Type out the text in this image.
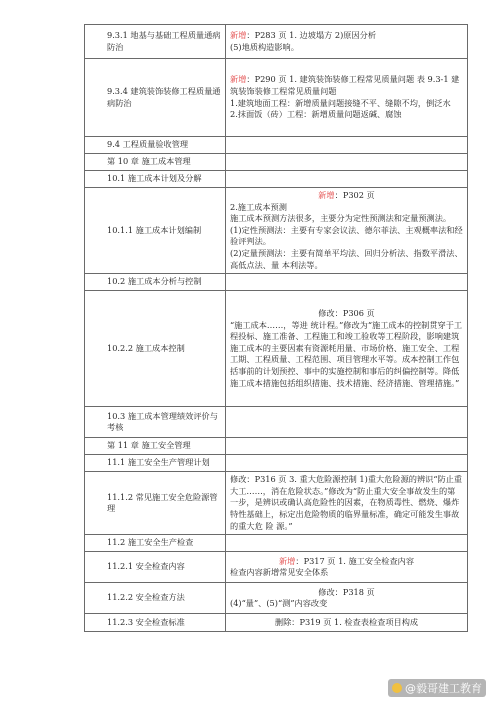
9.3.1 地基与基础工程质量通病防治	新增：P283 页 1. 边坡塌方 2)原因分析
(5)地质构造影响。

9.3.4 建筑装饰装修工程质量通病防治	新增：P290 页 1. 建筑装饰装修工程常见质量问题 表 9.3-1 建筑装饰装修工程常见质量问题
1.建筑地面工程：新增质量问题接缝不平、缝隙不均，倒泛水
2.抹面饭（砖）工程：新增质量问题返碱、腐蚀

9.4 工程质量验收管理	
第 10 章 施工成本管理	
10.1 施工成本计划及分解	
10.1.1 施工成本计划编制	新增：P302 页
2.施工成本预测
施工成本预测方法很多，主要分为定性预测法和定量预测法。
(1)定性预测法：主要有专家会议法、德尔菲法、主观概率法和经验评判法。
(2)定量预测法：主要有简单平均法、回归分析法、指数平滑法、高低点法、量 本利法等。

10.2 施工成本分析与控制	
10.2.2 施工成本控制	修改：P306 页
“施工成本……，等进 统计程。”修改为“施工成本的控制贯穿于工程投标、施工准备、工程施工和竣工验收等工程阶段，影响建筑施工成本的主要因素有资源耗用量、市场价格、施工安全、工程工期、工程质量、工程范围、项目管理水平等。成本控制工作包括事前的计划预控、事中的实施控制和事后的纠偏控制等。降低施工成本措施包括组织措施、技术措施、经济措施、管理措施。”

10.3 施工成本管理绩效评价与考核	
第 11 章 施工安全管理	
11.1 施工安全生产管理计划	
11.1.2 常见施工安全危险源管理	修改：P316 页 3. 重大危险源控制 1)重大危险源的辨识“防止重大工……，消在危险状态。”修改为“防止重大安全事故发生的第一步，是辨识或确认高危险性的因素，在物质毒性、燃烧、爆炸特性基础上，标定出危险物质的临界量标准，确定可能发生事故的重大危 险 源。”

11.2 施工安全生产检查	
11.2.1 安全检查内容	新增：P317 页 1. 施工安全检查内容
检查内容新增常见安全体系

11.2.2 安全检查方法	修改：P318 页
(4)“量”、(5)“测”内容改变

11.2.3 安全检查标准	删除：P319 页 1. 检查表检查项目构成
@毅哥建工教育
